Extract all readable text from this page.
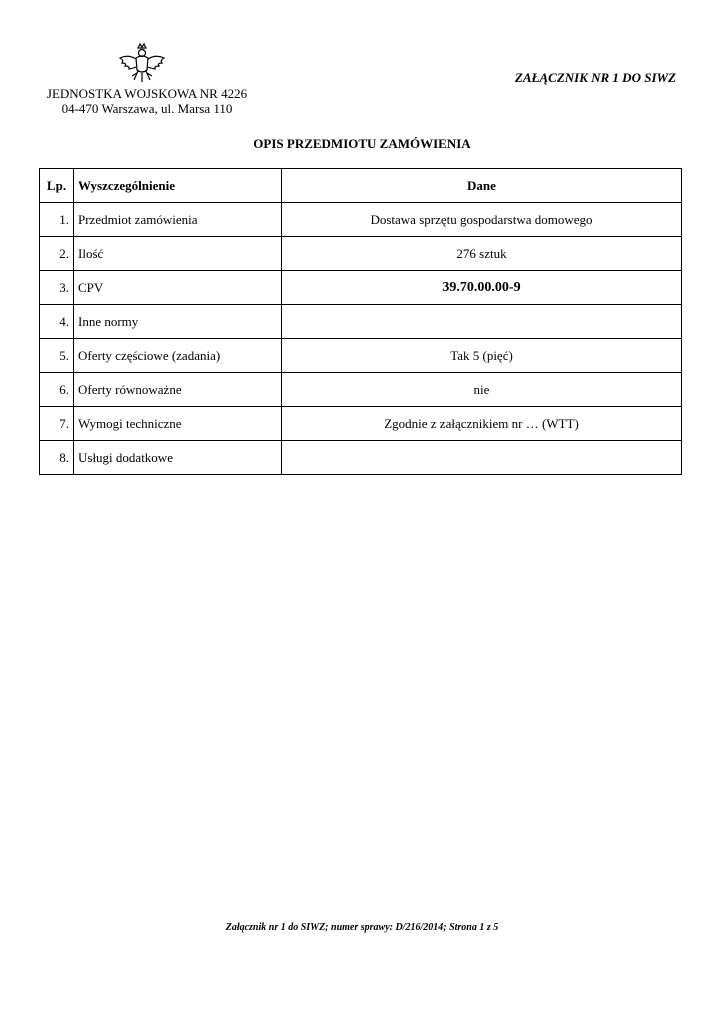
JEDNOSTKA WOJSKOWA NR 4226
04-470 Warszawa, ul. Marsa 110
ZAŁĄCZNIK NR 1 DO SIWZ
OPIS PRZEDMIOTU ZAMÓWIENIA
Lp.	Wyszczególnienie	Dane
1.	Przedmiot zamówienia	Dostawa sprzętu gospodarstwa domowego
2.	Ilość	276 sztuk
3.	CPV	39.70.00.00-9
4.	Inne normy	
5.	Oferty częściowe (zadania)	Tak 5 (pięć)
6.	Oferty równoważne	nie
7.	Wymogi techniczne	Zgodnie z załącznikiem nr … (WTT)
8.	Usługi dodatkowe	
Załącznik nr 1 do SIWZ; numer sprawy: D/216/2014; Strona 1 z 5
